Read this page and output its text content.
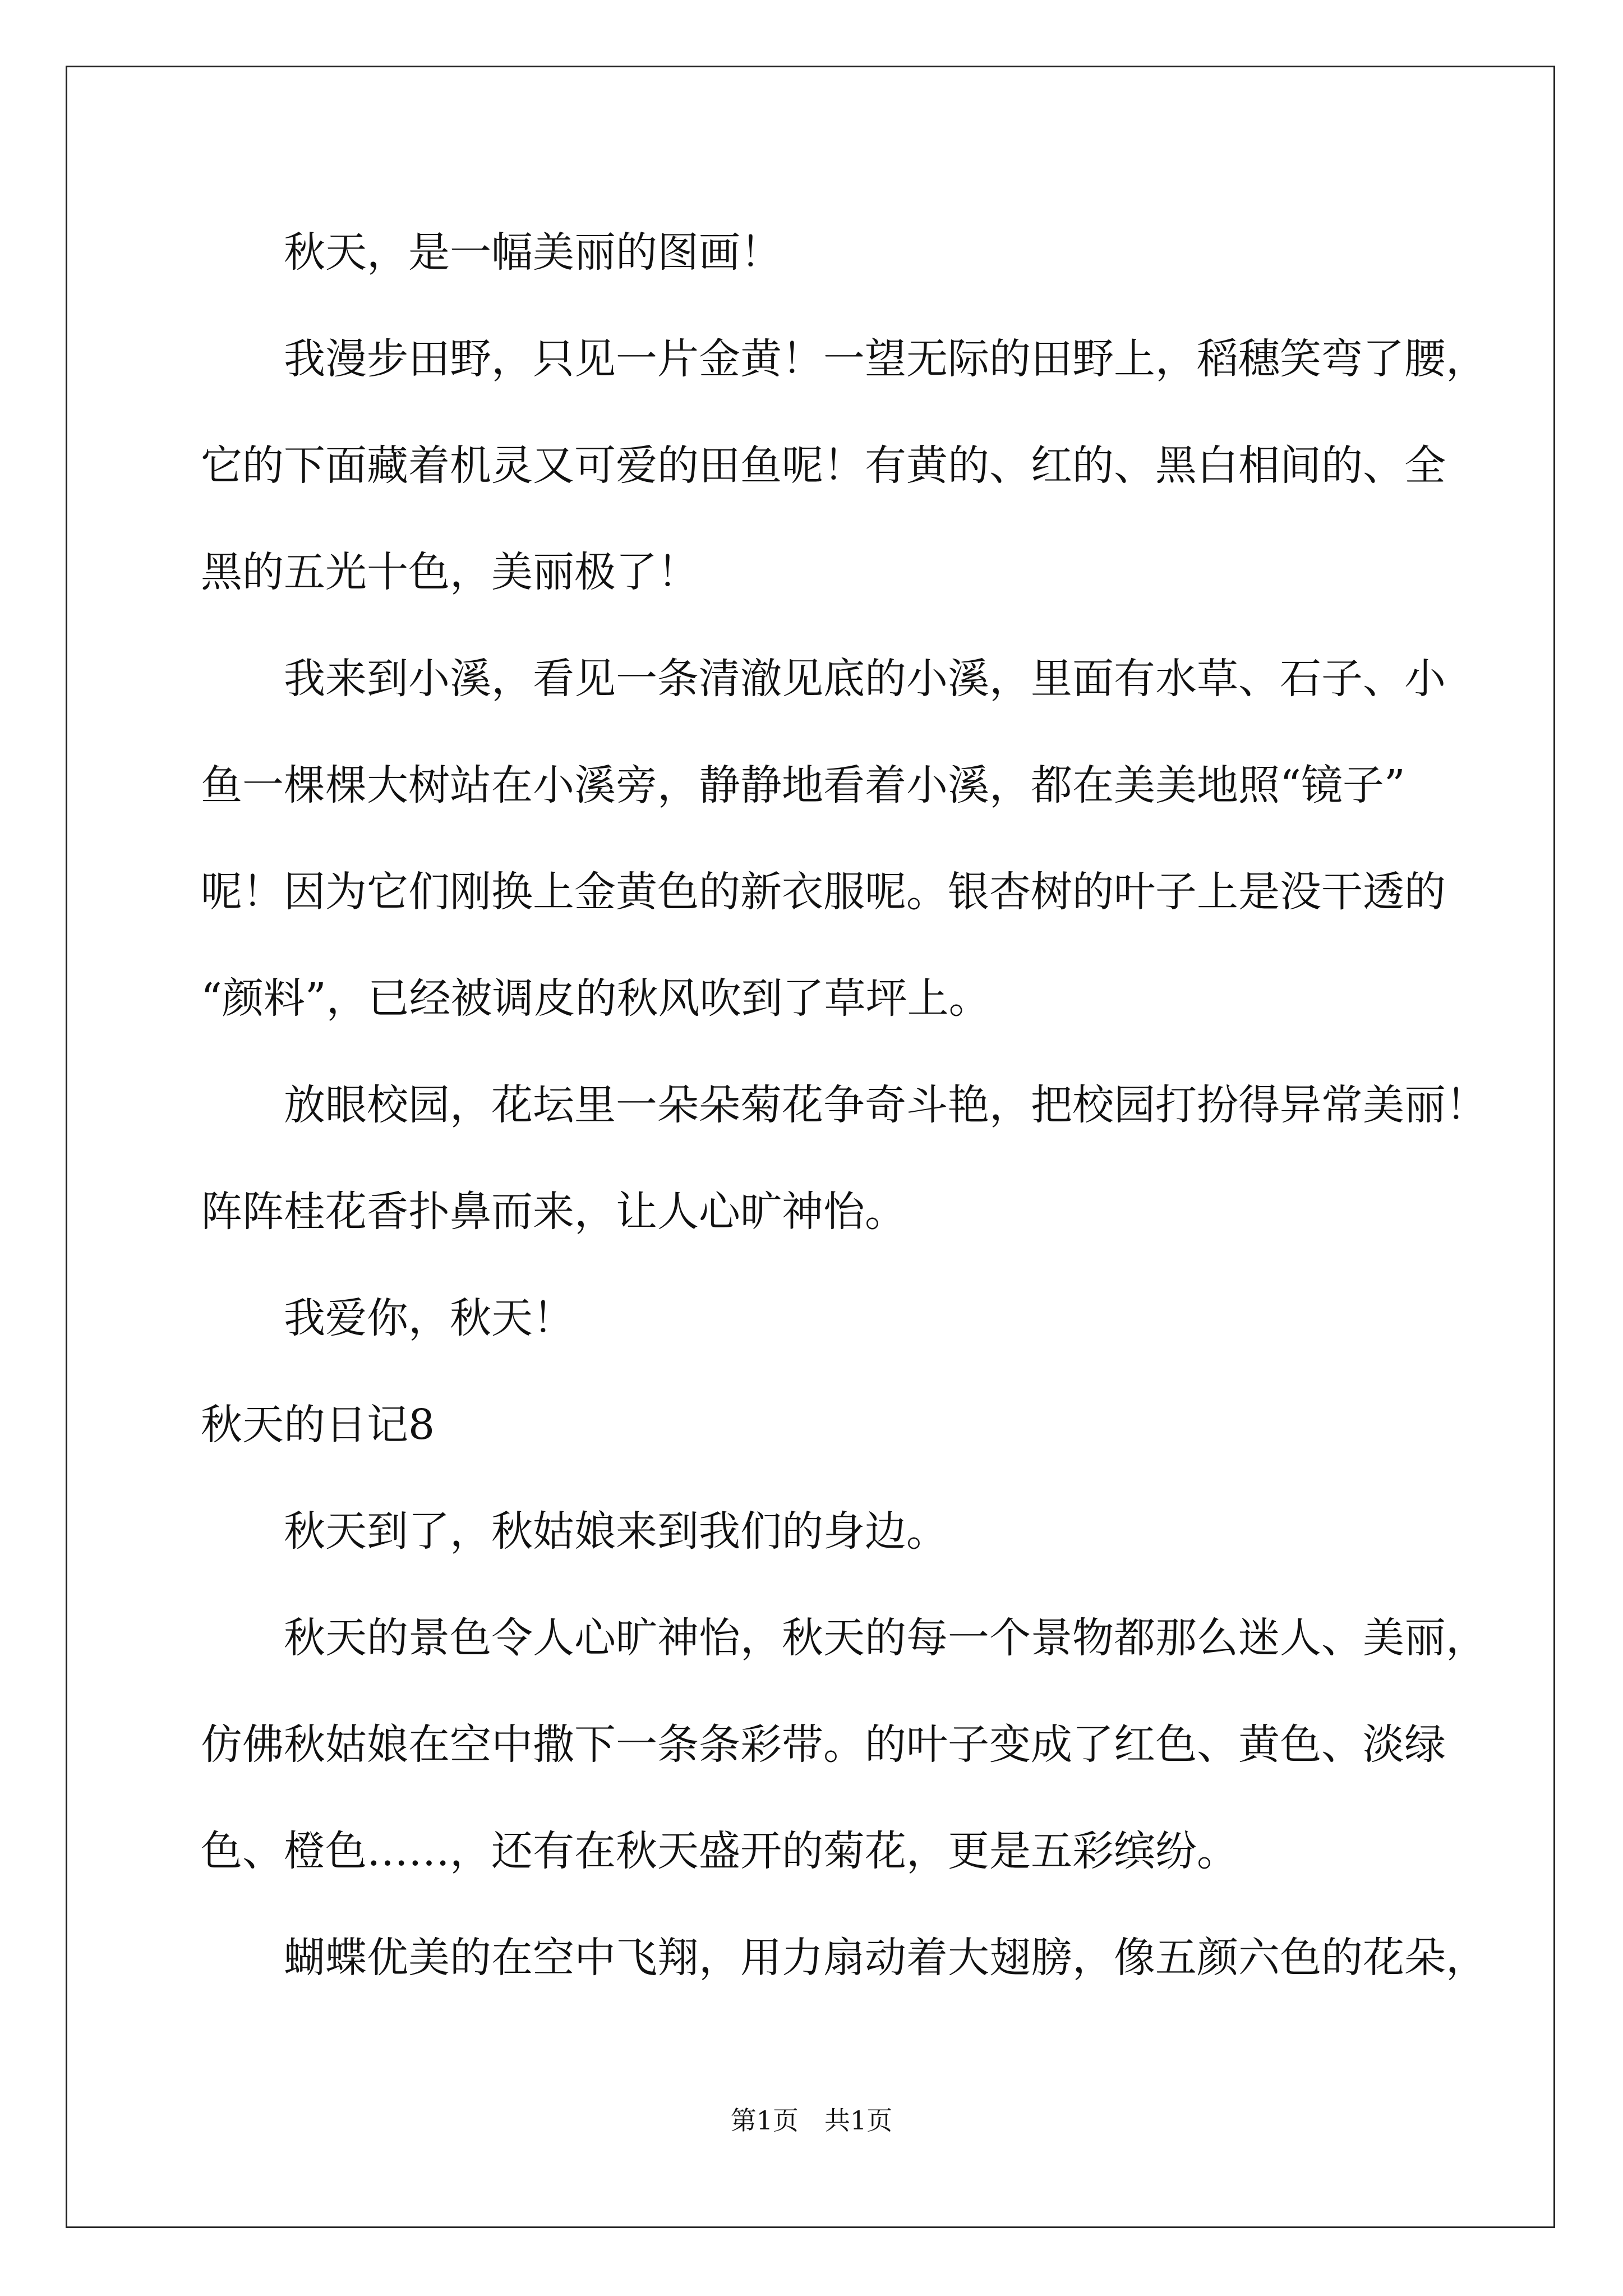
秋天，是一幅美丽的图画！
我漫步田野，只见一片金黄！一望无际的田野上，稻穗笑弯了腰，
它的下面藏着机灵又可爱的田鱼呢！有黄的、红的、黑白相间的、全
黑的五光十色，美丽极了！
我来到小溪，看见一条清澈见底的小溪，里面有水草、石子、小
鱼一棵棵大树站在小溪旁，静静地看着小溪，都在美美地照“镜子”
呢！因为它们刚换上金黄色的新衣服呢。银杏树的叶子上是没干透的
“颜料”，已经被调皮的秋风吹到了草坪上。
放眼校园，花坛里一朵朵菊花争奇斗艳，把校园打扮得异常美丽！
阵阵桂花香扑鼻而来，让人心旷神怡。
我爱你，秋天！
秋天的日记8
秋天到了，秋姑娘来到我们的身边。
秋天的景色令人心旷神怡，秋天的每一个景物都那么迷人、美丽，
仿佛秋姑娘在空中撒下一条条彩带。的叶子变成了红色、黄色、淡绿
色、橙色……，还有在秋天盛开的菊花，更是五彩缤纷。
蝴蝶优美的在空中飞翔，用力扇动着大翅膀，像五颜六色的花朵，
第1页　共1页
